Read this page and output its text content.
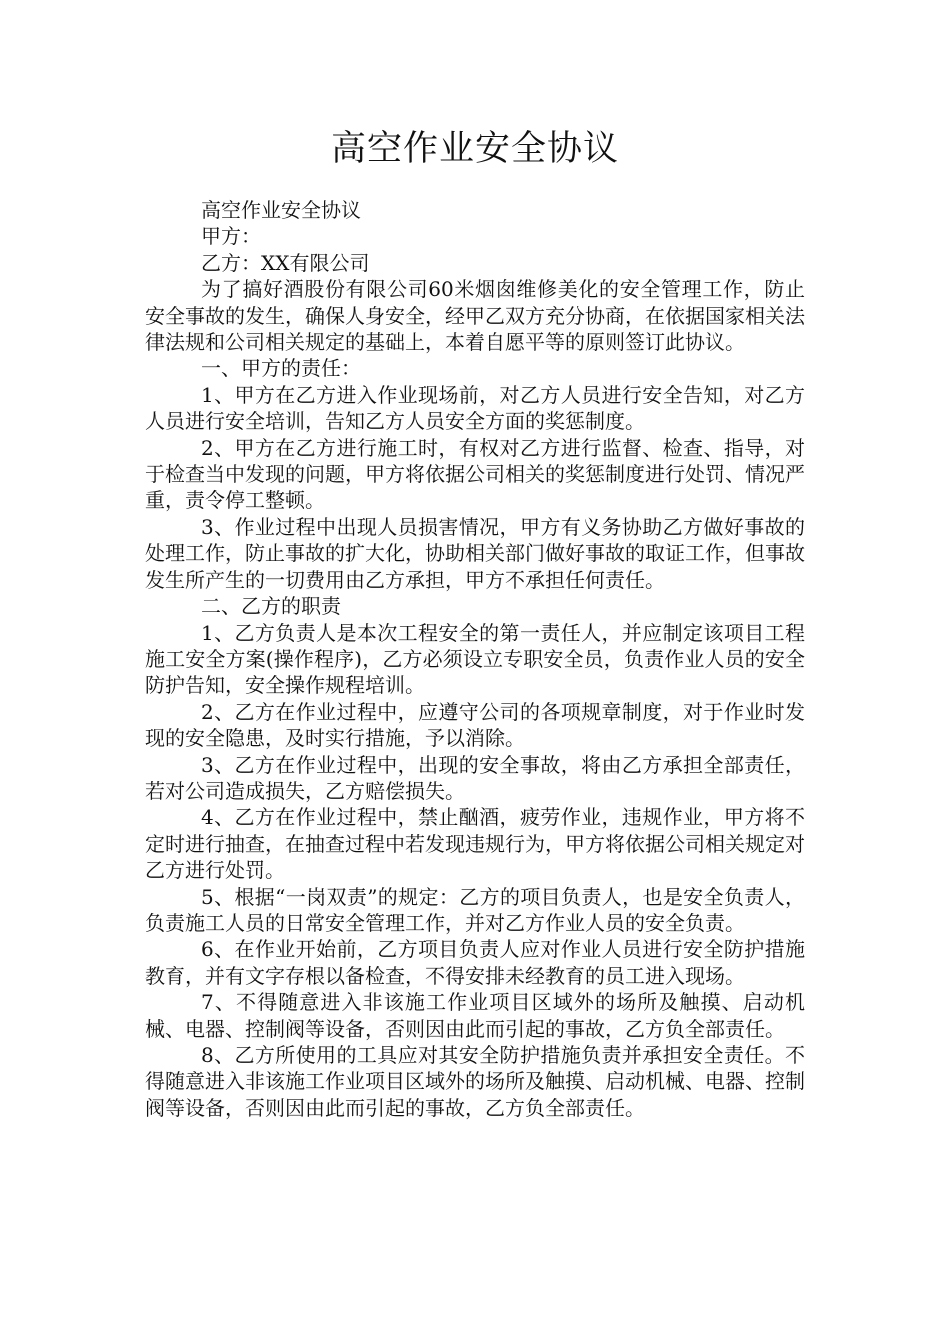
高空作业安全协议

高空作业安全协议

甲方：

乙方：XX有限公司

为了搞好酒股份有限公司60米烟囱维修美化的安全管理工作，防止安全事故的发生，确保人身安全，经甲乙双方充分协商，在依据国家相关法律法规和公司相关规定的基础上，本着自愿平等的原则签订此协议。

一、甲方的责任：

1、甲方在乙方进入作业现场前，对乙方人员进行安全告知，对乙方人员进行安全培训，告知乙方人员安全方面的奖惩制度。

2、甲方在乙方进行施工时，有权对乙方进行监督、检查、指导，对于检查当中发现的问题，甲方将依据公司相关的奖惩制度进行处罚、情况严重，责令停工整顿。

3、作业过程中出现人员损害情况，甲方有义务协助乙方做好事故的处理工作，防止事故的扩大化，协助相关部门做好事故的取证工作，但事故发生所产生的一切费用由乙方承担，甲方不承担任何责任。

二、乙方的职责

1、乙方负责人是本次工程安全的第一责任人，并应制定该项目工程施工安全方案(操作程序)，乙方必须设立专职安全员，负责作业人员的安全防护告知，安全操作规程培训。

2、乙方在作业过程中，应遵守公司的各项规章制度，对于作业时发现的安全隐患，及时实行措施，予以消除。

3、乙方在作业过程中，出现的安全事故，将由乙方承担全部责任，若对公司造成损失，乙方赔偿损失。

4、乙方在作业过程中，禁止酗酒，疲劳作业，违规作业，甲方将不定时进行抽查，在抽查过程中若发现违规行为，甲方将依据公司相关规定对乙方进行处罚。

5、根据“一岗双责”的规定：乙方的项目负责人，也是安全负责人，负责施工人员的日常安全管理工作，并对乙方作业人员的安全负责。

6、在作业开始前，乙方项目负责人应对作业人员进行安全防护措施教育，并有文字存根以备检查，不得安排未经教育的员工进入现场。

7、不得随意进入非该施工作业项目区域外的场所及触摸、启动机械、电器、控制阀等设备，否则因由此而引起的事故，乙方负全部责任。

8、乙方所使用的工具应对其安全防护措施负责并承担安全责任。不得随意进入非该施工作业项目区域外的场所及触摸、启动机械、电器、控制阀等设备，否则因由此而引起的事故，乙方负全部责任。
